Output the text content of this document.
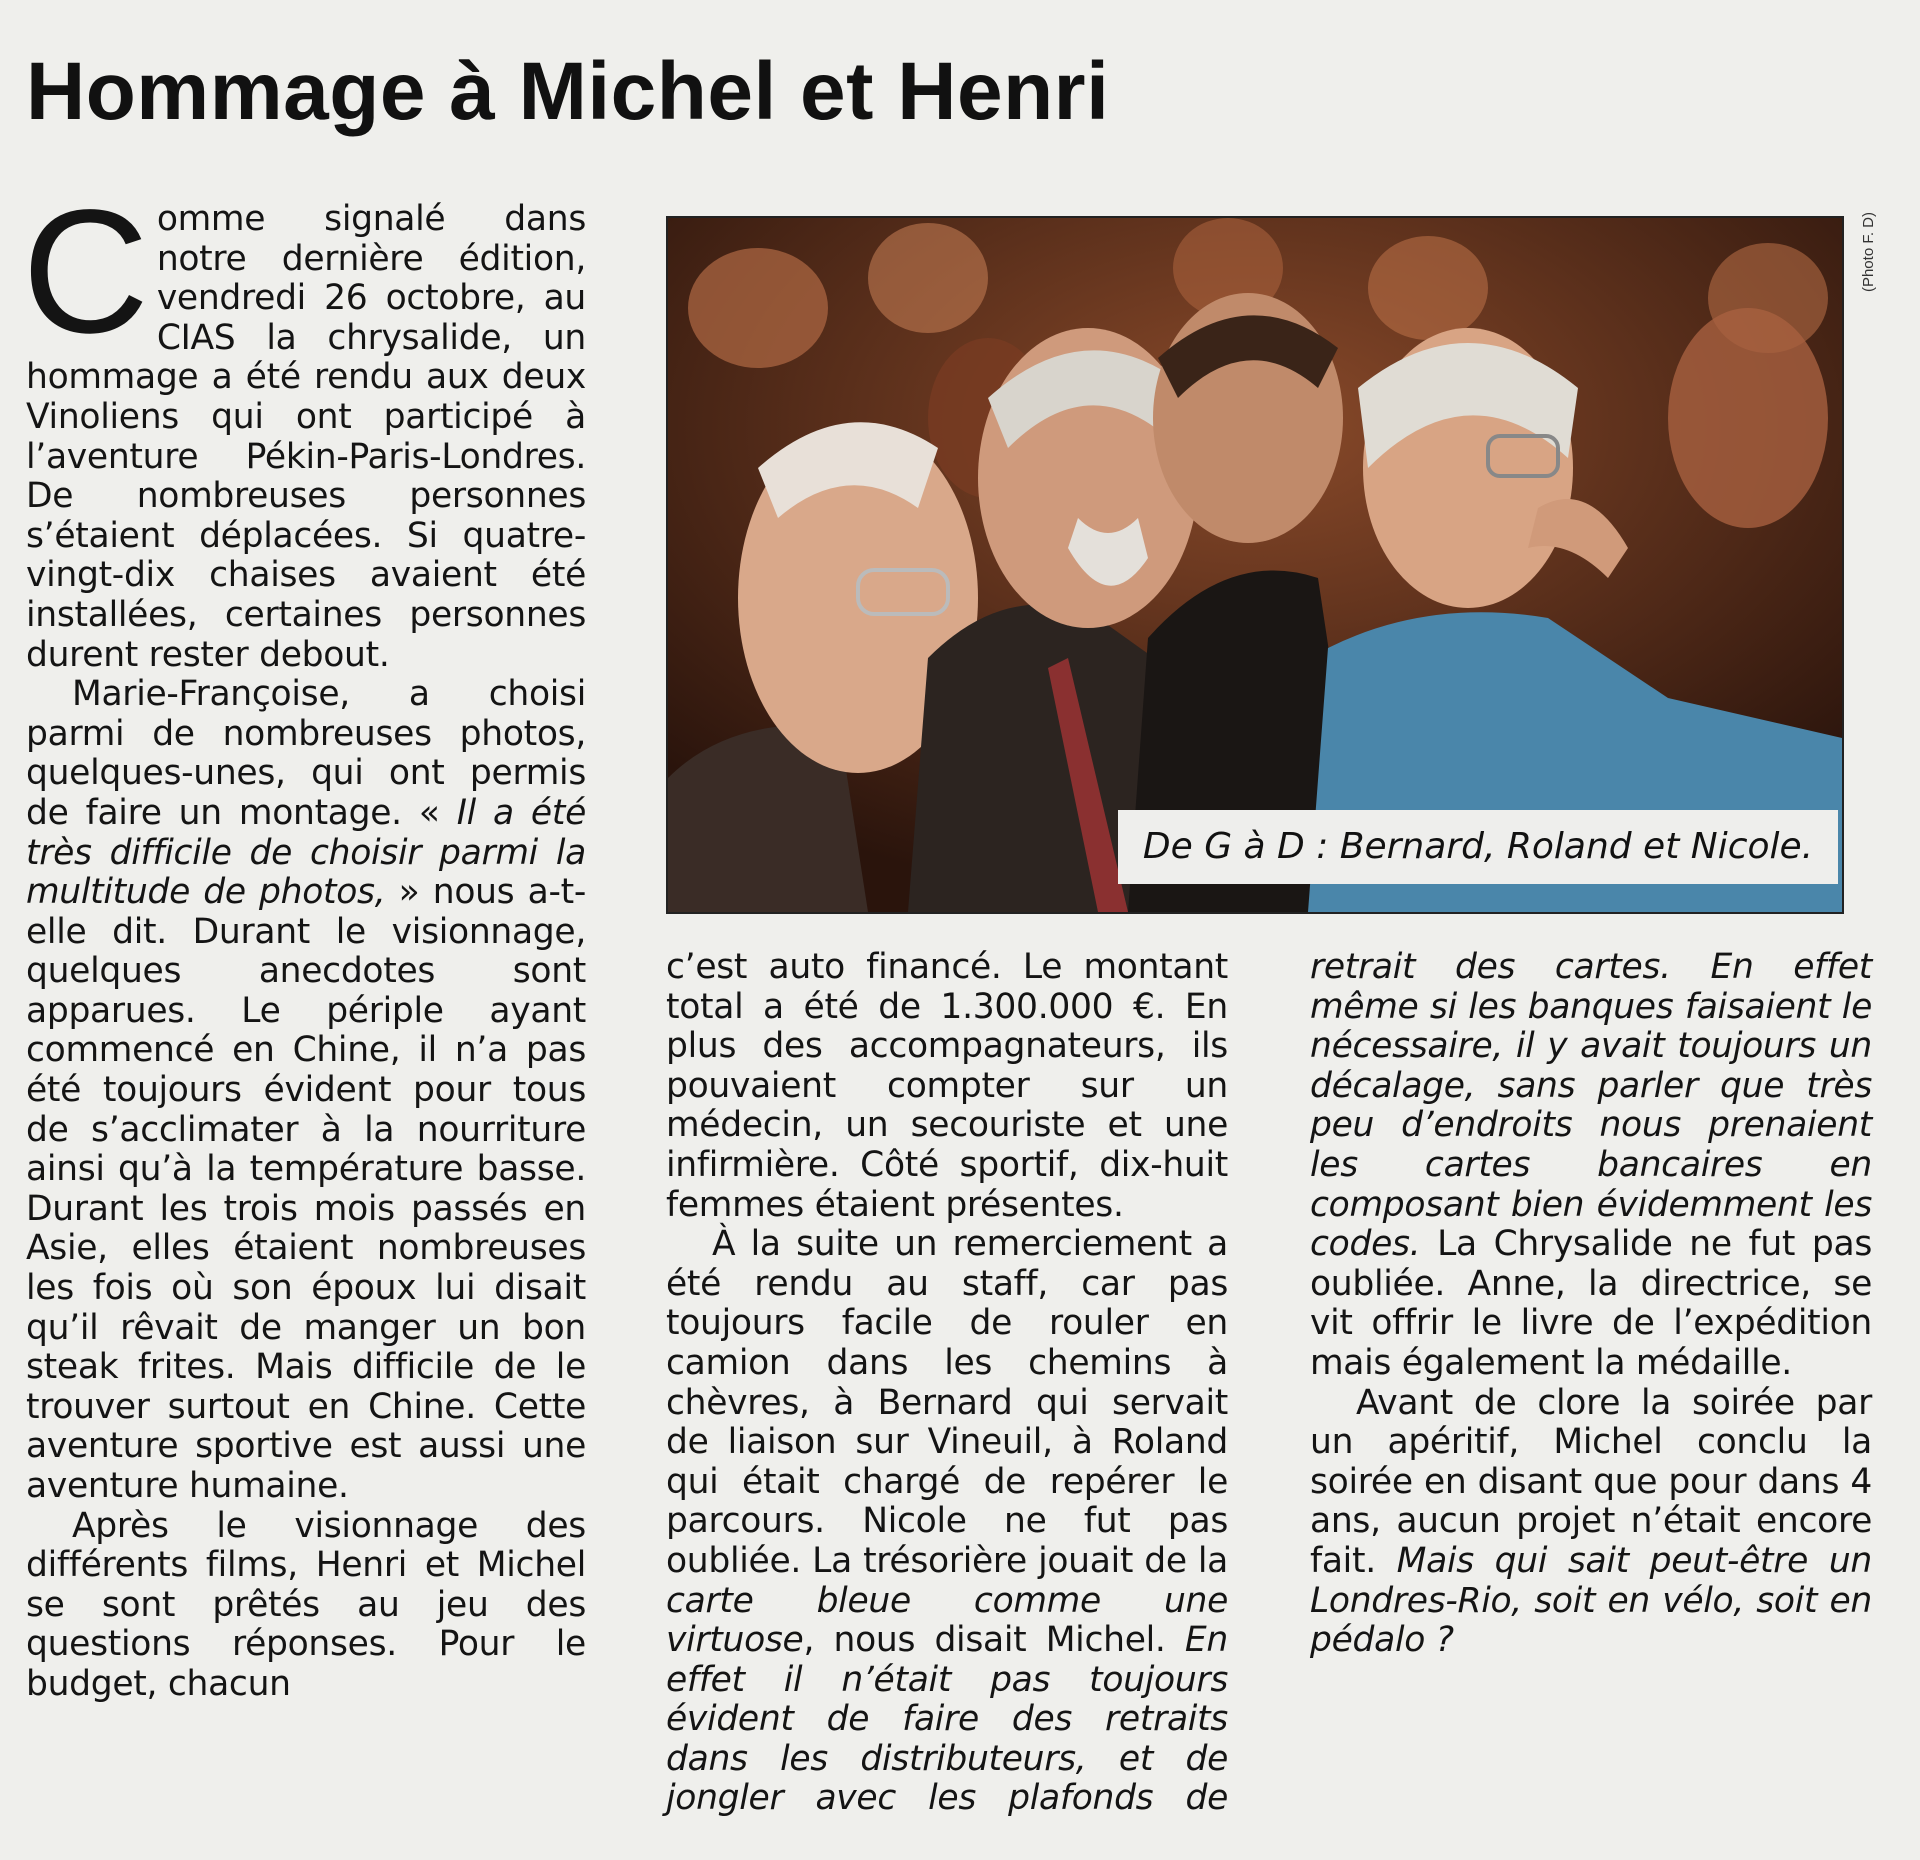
Hommage à Michel et Henri

Comme signalé dans notre dernière édition, vendredi 26 octobre, au CIAS la chrysalide, un hommage a été rendu aux deux Vinoliens qui ont participé à l’aventure Pékin-Paris-Londres. De nombreuses personnes s’étaient déplacées. Si quatre-vingt-dix chaises avaient été installées, certaines personnes durent rester debout.

Marie-Françoise, a choisi parmi de nombreuses photos, quelques-unes, qui ont permis de faire un montage. « Il a été très difficile de choisir parmi la multitude de photos, » nous a-t-elle dit. Durant le visionnage, quelques anecdotes sont apparues. Le périple ayant commencé en Chine, il n’a pas été toujours évident pour tous de s’acclimater à la nourriture ainsi qu’à la température basse. Durant les trois mois passés en Asie, elles étaient nombreuses les fois où son époux lui disait qu’il rêvait de manger un bon steak frites. Mais difficile de le trouver surtout en Chine. Cette aventure sportive est aussi une aventure humaine.

Après le visionnage des différents films, Henri et Michel se sont prêtés au jeu des questions réponses. Pour le budget, chacun

(Photo F. D)
De G à D : Bernard, Roland et Nicole.

c’est auto financé. Le montant total a été de 1.300.000 €. En plus des accompagnateurs, ils pouvaient compter sur un médecin, un secouriste et une infirmière. Côté sportif, dix-huit femmes étaient présentes.

À la suite un remerciement a été rendu au staff, car pas toujours facile de rouler en camion dans les chemins à chèvres, à Bernard qui servait de liaison sur Vineuil, à Roland qui était chargé de repérer le parcours. Nicole ne fut pas oubliée. La trésorière jouait de la carte bleue comme une virtuose, nous disait Michel. En effet il n’était pas toujours évident de faire des retraits dans les distributeurs, et de jongler avec les plafonds de

retrait des cartes. En effet même si les banques faisaient le nécessaire, il y avait toujours un décalage, sans parler que très peu d’endroits nous prenaient les cartes bancaires en composant bien évidemment les codes. La Chrysalide ne fut pas oubliée. Anne, la directrice, se vit offrir le livre de l’expédition mais également la médaille.

Avant de clore la soirée par un apéritif, Michel conclu la soirée en disant que pour dans 4 ans, aucun projet n’était encore fait. Mais qui sait peut-être un Londres-Rio, soit en vélo, soit en pédalo ?
